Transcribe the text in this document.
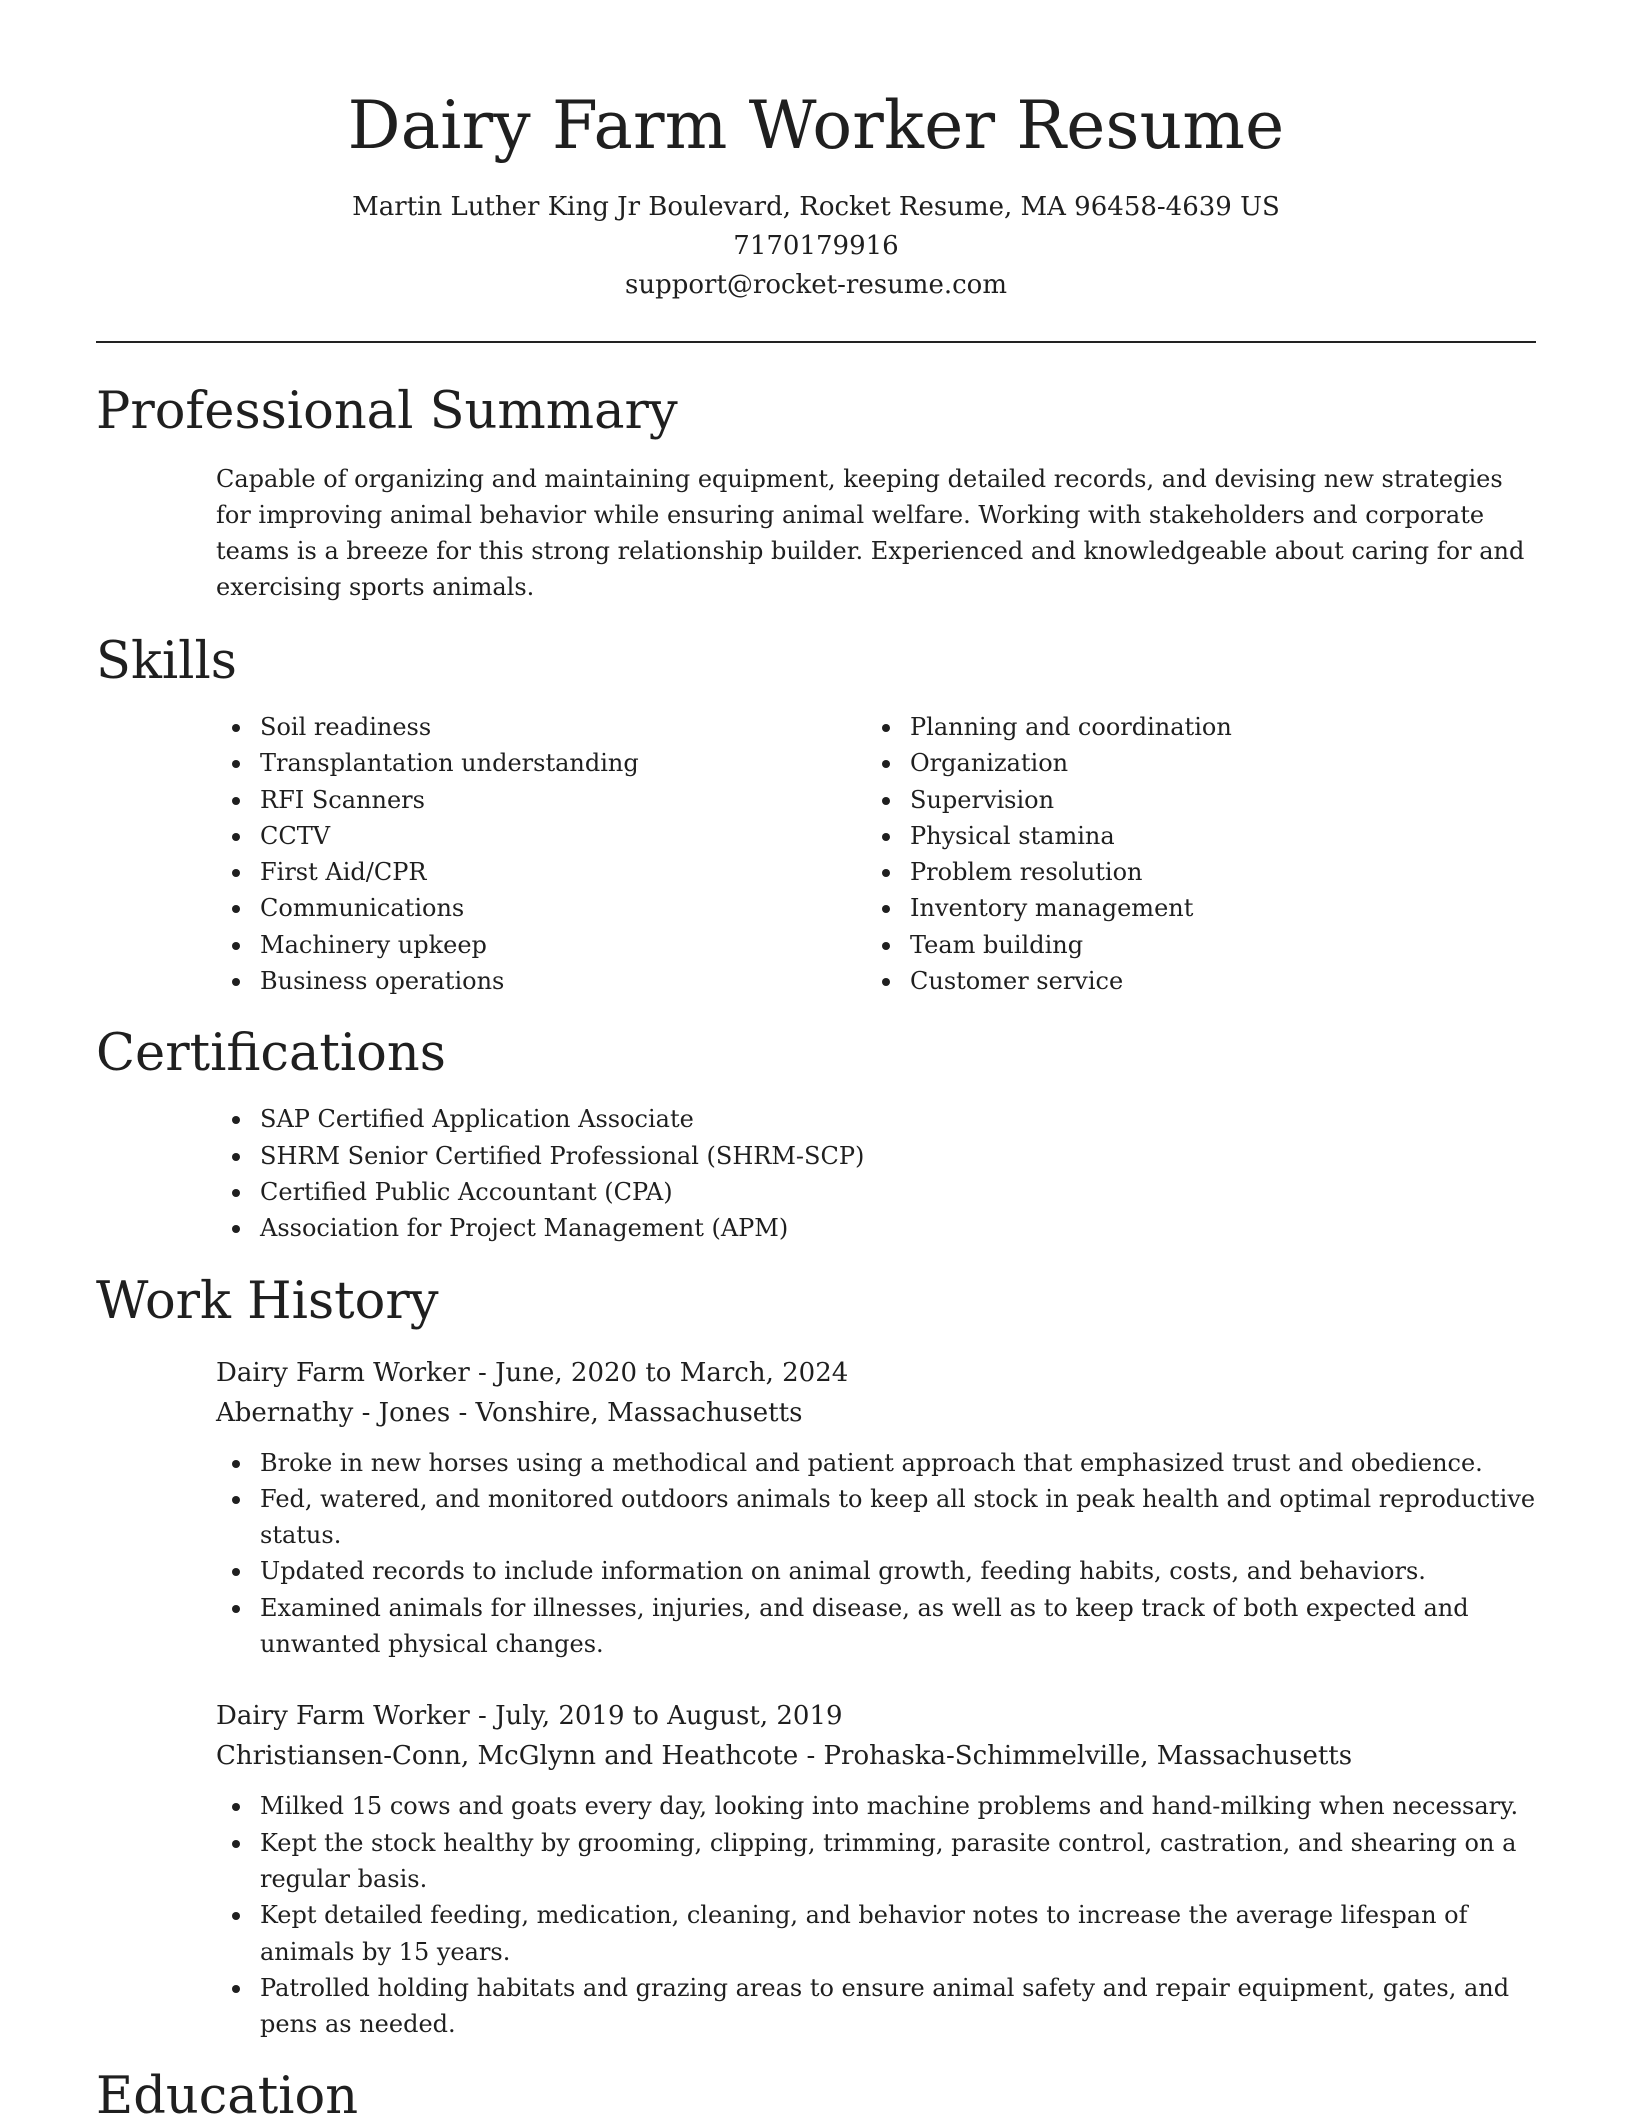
Dairy Farm Worker Resume
Martin Luther King Jr Boulevard, Rocket Resume, MA 96458-4639 US
7170179916
support@rocket-resume.com
Professional Summary
Capable of organizing and maintaining equipment, keeping detailed records, and devising new strategies for improving animal behavior while ensuring animal welfare. Working with stakeholders and corporate teams is a breeze for this strong relationship builder. Experienced and knowledgeable about caring for and exercising sports animals.
Skills
Soil readiness
Transplantation understanding
RFI Scanners
CCTV
First Aid/CPR
Communications
Machinery upkeep
Business operations
Planning and coordination
Organization
Supervision
Physical stamina
Problem resolution
Inventory management
Team building
Customer service
Certifications
SAP Certified Application Associate
SHRM Senior Certified Professional (SHRM-SCP)
Certified Public Accountant (CPA)
Association for Project Management (APM)
Work History
Dairy Farm Worker - June, 2020 to March, 2024
Abernathy - Jones - Vonshire, Massachusetts
Broke in new horses using a methodical and patient approach that emphasized trust and obedience.
Fed, watered, and monitored outdoors animals to keep all stock in peak health and optimal reproductive status.
Updated records to include information on animal growth, feeding habits, costs, and behaviors.
Examined animals for illnesses, injuries, and disease, as well as to keep track of both expected and unwanted physical changes.
Dairy Farm Worker - July, 2019 to August, 2019
Christiansen-Conn, McGlynn and Heathcote - Prohaska-Schimmelville, Massachusetts
Milked 15 cows and goats every day, looking into machine problems and hand-milking when necessary.
Kept the stock healthy by grooming, clipping, trimming, parasite control, castration, and shearing on a regular basis.
Kept detailed feeding, medication, cleaning, and behavior notes to increase the average lifespan of animals by 15 years.
Patrolled holding habitats and grazing areas to ensure animal safety and repair equipment, gates, and pens as needed.
Education
